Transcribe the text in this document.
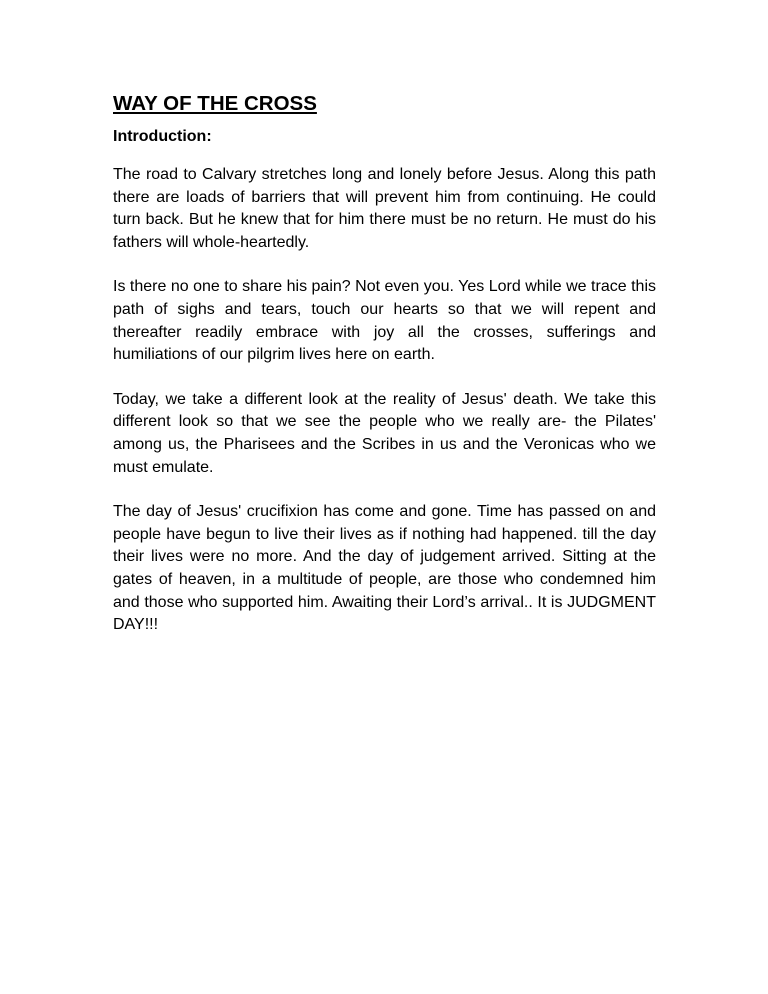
WAY OF THE CROSS

Introduction:

The road to Calvary stretches long and lonely before Jesus. Along this path there are loads of barriers that will prevent him from continuing. He could turn back. But he knew that for him there must be no return. He must do his fathers will whole-heartedly.

Is there no one to share his pain? Not even you. Yes Lord while we trace this path of sighs and tears, touch our hearts so that we will repent and thereafter readily embrace with joy all the crosses, sufferings and humiliations of our pilgrim lives here on earth.

Today, we take a different look at the reality of Jesus' death. We take this different look so that we see the people who we really are- the Pilates' among us, the Pharisees and the Scribes in us and the Veronicas who we must emulate.

The day of Jesus' crucifixion has come and gone. Time has passed on and people have begun to live their lives as if nothing had happened. till the day their lives were no more. And the day of judgement arrived. Sitting at the gates of heaven, in a multitude of people, are those who condemned him and those who supported him. Awaiting their Lord’s arrival.. It is JUDGMENT DAY!!!
